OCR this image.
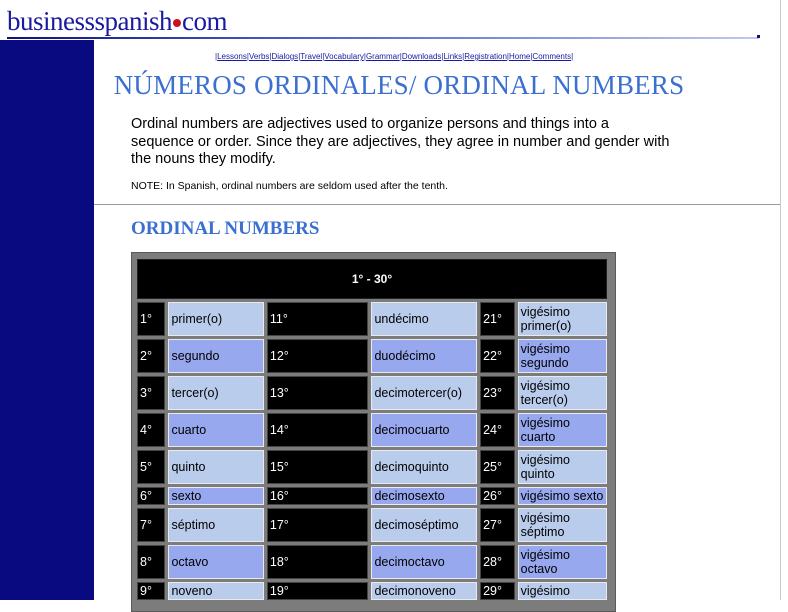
businessspanish com
|Lessons|Verbs|Dialogs|Travel|Vocabulary|Grammar|Downloads|Links|Registration|Home|Comments|
NÚMEROS ORDINALES/ ORDINAL NUMBERS
Ordinal numbers are adjectives used to organize persons and things into a sequence or order. Since they are adjectives, they agree in number and gender with the nouns they modify.
NOTE: In Spanish, ordinal numbers are seldom used after the tenth.
ORDINAL NUMBERS
1° - 30°					
1°	primer(o)	11°	undécimo	21°	vigésimo primer(o)
2°	segundo	12°	duodécimo	22°	vigésimo segundo
3°	tercer(o)	13°	decimotercer(o)	23°	vigésimo tercer(o)
4°	cuarto	14°	decimocuarto	24°	vigésimo cuarto
5°	quinto	15°	decimoquinto	25°	vigésimo quinto
6°	sexto	16°	decimosexto	26°	vigésimo sexto
7°	séptimo	17°	decimoséptimo	27°	vigésimo séptimo
8°	octavo	18°	decimoctavo	28°	vigésimo octavo
9°	noveno	19°	decimonoveno	29°	vigésimo
